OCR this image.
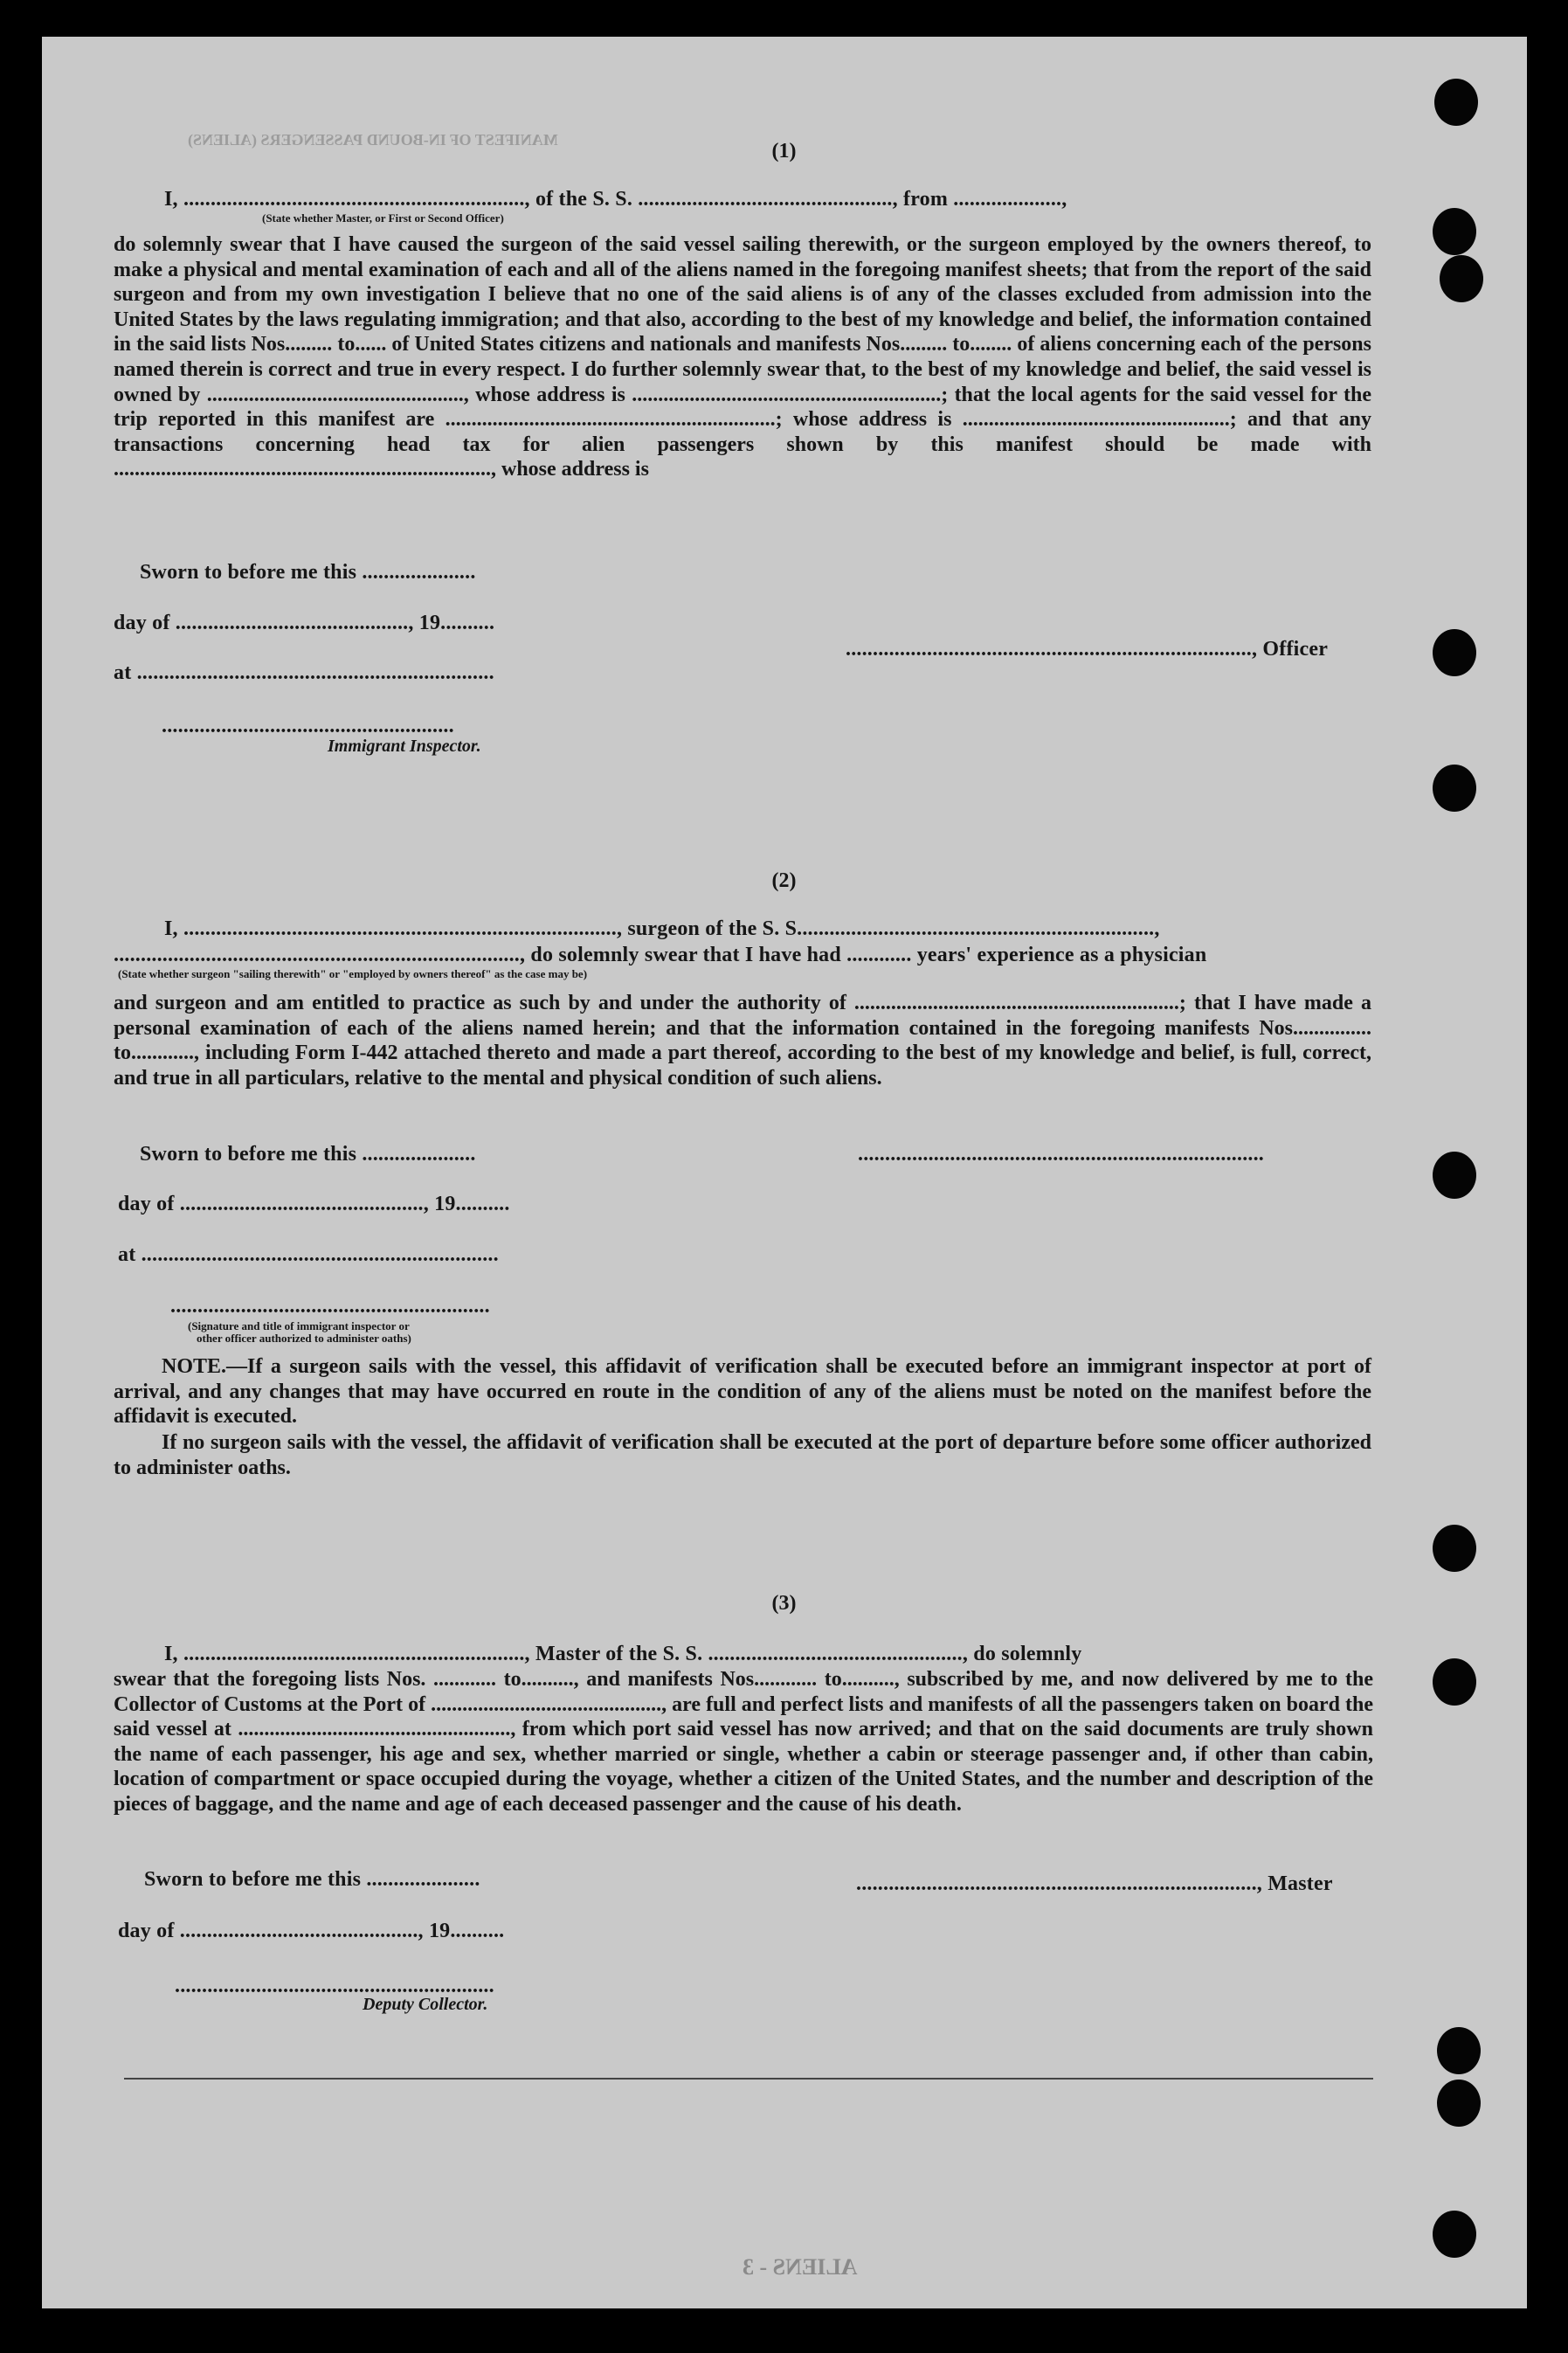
MANIFEST OF IN-BOUND PASSENGERS (ALIENS)	(1)
I, ..............................................................., of the S. S. ..............................................., from ....................,
(State whether Master, or First or Second Officer)
do solemnly swear that I have caused the surgeon of the said vessel sailing therewith, or the surgeon employed by the owners thereof, to make a physical and mental examination of each and all of the aliens named in the foregoing manifest sheets; that from the report of the said surgeon and from my own investigation I believe that no one of the said aliens is of any of the classes excluded from admission into the United States by the laws regulating immigration; and that also, according to the best of my knowledge and belief, the information contained in the said lists Nos......... to...... of United States citizens and nationals and manifests Nos......... to........ of aliens concerning each of the persons named therein is correct and true in every respect. I do further solemnly swear that, to the best of my knowledge and belief, the said vessel is owned by ................................................., whose address is ...........................................................; that the local agents for the said vessel for the trip reported in this manifest are ...............................................................; whose address is ...................................................; and that any transactions concerning head tax for alien passengers shown by this manifest should be made with ........................................................................, whose address is
Sworn to before me this .....................
day of ..........................................., 19..........
at ..................................................................
..........................................................................., Officer
......................................................
Immigrant Inspector.
(2)
I, ................................................................................, surgeon of the S. S..................................................................,
..........................................................................., do solemnly swear that I have had ............ years' experience as a physician
(State whether surgeon "sailing therewith" or "employed by owners thereof" as the case may be)
and surgeon and am entitled to practice as such by and under the authority of ..............................................................; that I have made a personal examination of each of the aliens named herein; and that the information contained in the foregoing manifests Nos............... to............, including Form I-442 attached thereto and made a part thereof, according to the best of my knowledge and belief, is full, correct, and true in all particulars, relative to the mental and physical condition of such aliens.
Sworn to before me this .....................	...........................................................................
day of ............................................., 19..........
at ..................................................................
...........................................................
(Signature and title of immigrant inspector or
other officer authorized to administer oaths)
NOTE.—If a surgeon sails with the vessel, this affidavit of verification shall be executed before an immigrant inspector at port of arrival, and any changes that may have occurred en route in the condition of any of the aliens must be noted on the manifest before the affidavit is executed.
If no surgeon sails with the vessel, the affidavit of verification shall be executed at the port of departure before some officer authorized to administer oaths.
(3)
I, ..............................................................., Master of the S. S. ..............................................., do solemnly
swear that the foregoing lists Nos. ............ to.........., and manifests Nos............ to.........., subscribed by me, and now delivered by me to the Collector of Customs at the Port of ............................................, are full and perfect lists and manifests of all the passengers taken on board the said vessel at ...................................................., from which port said vessel has now arrived; and that on the said documents are truly shown the name of each passenger, his age and sex, whether married or single, whether a cabin or steerage passenger and, if other than cabin, location of compartment or space occupied during the voyage, whether a citizen of the United States, and the number and description of the pieces of baggage, and the name and age of each deceased passenger and the cause of his death.
Sworn to before me this .....................	.........................................................................., Master
day of ............................................, 19..........
...........................................................
Deputy Collector.
ALIENS - 3
